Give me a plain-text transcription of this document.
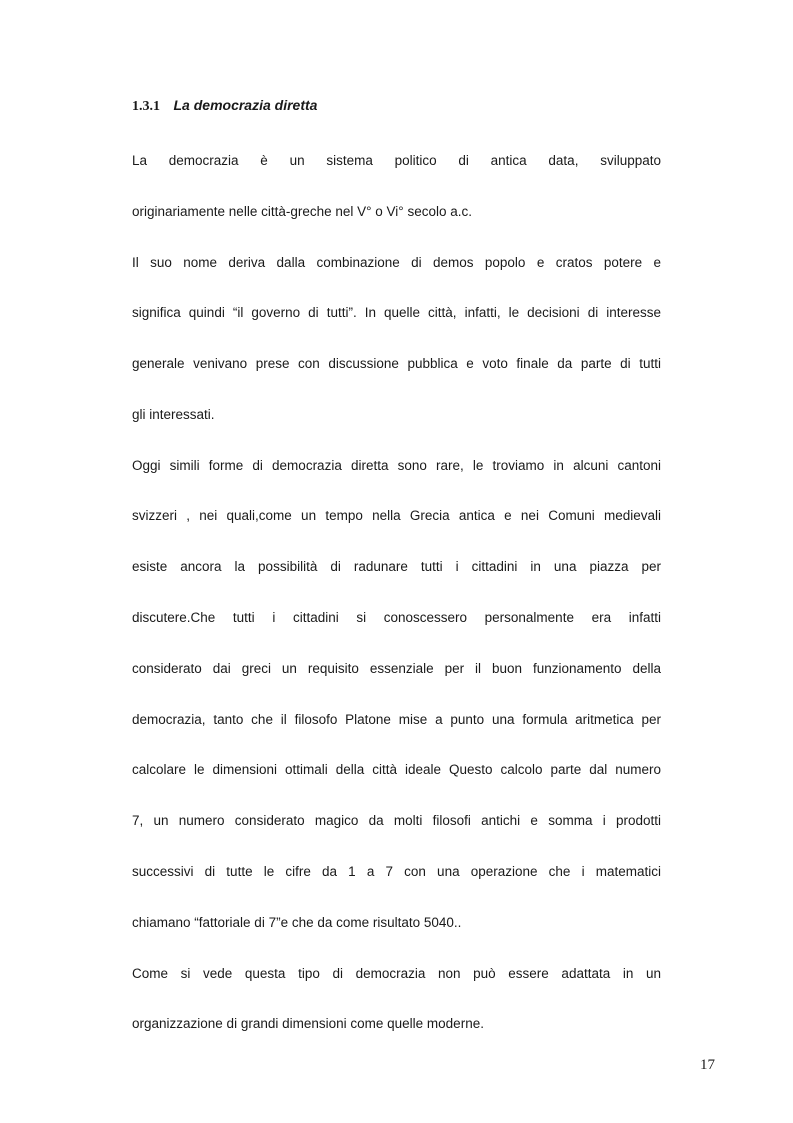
1.3.1 La democrazia diretta
La democrazia è un sistema politico di antica data, sviluppato
originariamente nelle città-greche nel V° o Vi° secolo a.c.
Il suo nome deriva dalla combinazione di demos popolo e cratos potere e
significa quindi “il governo di tutti”. In quelle città, infatti, le decisioni di interesse
generale venivano prese con discussione pubblica e voto finale da parte di tutti
gli interessati.
Oggi simili forme di democrazia diretta sono rare, le troviamo in alcuni cantoni
svizzeri , nei quali,come un tempo nella Grecia antica e nei Comuni medievali
esiste ancora la possibilità di radunare tutti i cittadini in una piazza per
discutere.Che tutti i cittadini si conoscessero personalmente era infatti
considerato dai greci un requisito essenziale per il buon funzionamento della
democrazia, tanto che il filosofo Platone mise a punto una formula aritmetica per
calcolare le dimensioni ottimali della città ideale Questo calcolo parte dal numero
7, un numero considerato magico da molti filosofi antichi e somma i prodotti
successivi di tutte le cifre da 1 a 7 con una operazione che i matematici
chiamano “fattoriale di 7”e che da come risultato 5040..
Come si vede questa tipo di democrazia non può essere adattata in un
organizzazione di grandi dimensioni come quelle moderne.
17
